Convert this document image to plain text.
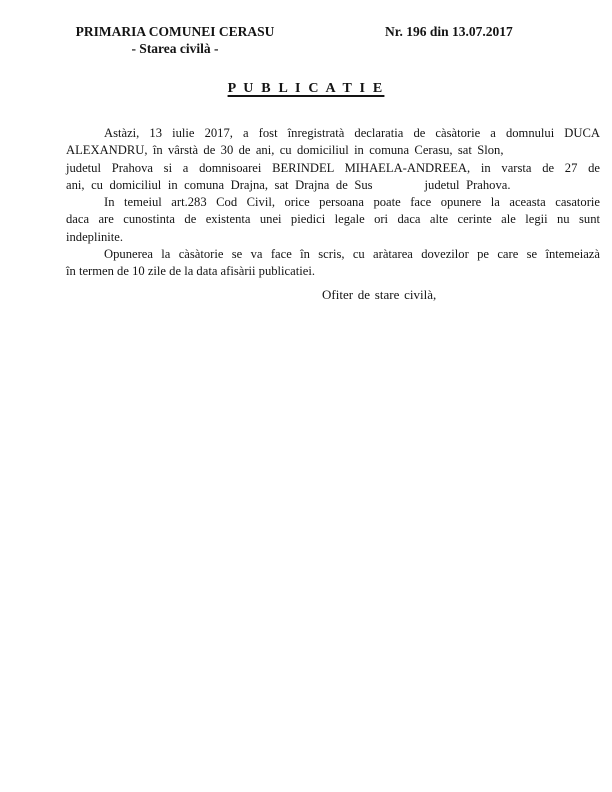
PRIMARIA COMUNEI CERASU
- Starea civilà -
Nr. 196 din 13.07.2017
P U B L I C A T I E
Astàzi, 13 iulie 2017, a fost înregistratà declaratia de càsàtorie a domnului DUCA
ALEXANDRU, în vârstà de 30 de ani, cu domiciliul in comuna Cerasu, sat Slon,
judetul Prahova si a domnisoarei BERINDEL MIHAELA-ANDREEA, in varsta de 27 de
ani, cu domiciliul in comuna Drajna, sat Drajna de Sus	judetul Prahova.
In temeiul art.283 Cod Civil, orice persoana poate face opunere la aceasta casatorie
daca are cunostinta de existenta unei piedici legale ori daca alte cerinte ale legii nu sunt
indeplinite.
Opunerea la càsàtorie se va face în scris, cu aràtarea dovezilor pe care se întemeiazà
în termen de 10 zile de la data afisàrii publicatiei.
Ofiter de stare civilà,
